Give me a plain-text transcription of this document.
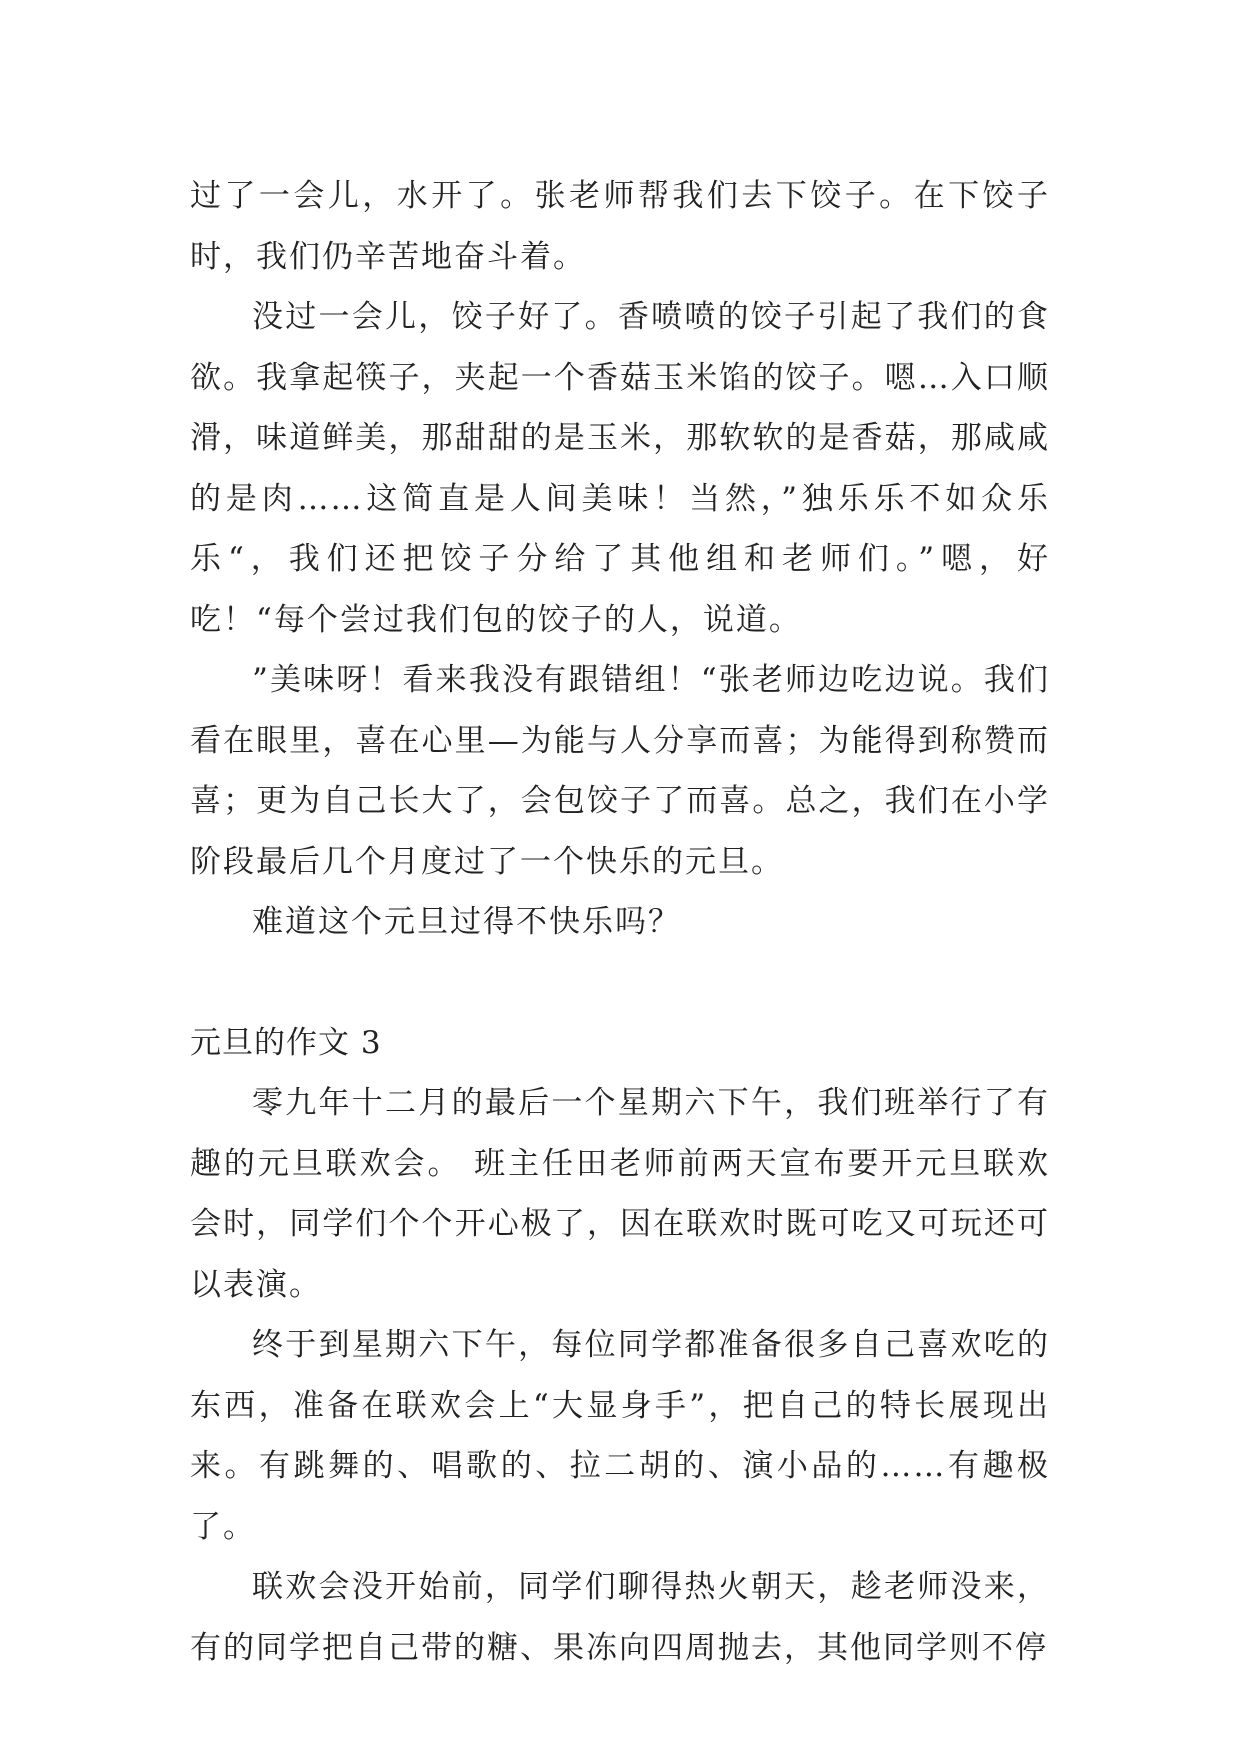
过了一会儿，水开了。张老师帮我们去下饺子。在下饺子时，我们仍辛苦地奋斗着。

没过一会儿，饺子好了。香喷喷的饺子引起了我们的食欲。我拿起筷子，夹起一个香菇玉米馅的饺子。嗯…入口顺滑，味道鲜美，那甜甜的是玉米，那软软的是香菇，那咸咸的是肉……这简直是人间美味！当然，”独乐乐不如众乐乐“，我们还把饺子分给了其他组和老师们。”嗯，好吃！“每个尝过我们包的饺子的人，说道。

”美味呀！看来我没有跟错组！“张老师边吃边说。我们看在眼里，喜在心里—为能与人分享而喜；为能得到称赞而喜；更为自己长大了，会包饺子了而喜。总之，我们在小学阶段最后几个月度过了一个快乐的元旦。

难道这个元旦过得不快乐吗？

元旦的作文 3

零九年十二月的最后一个星期六下午，我们班举行了有趣的元旦联欢会。 班主任田老师前两天宣布要开元旦联欢会时，同学们个个开心极了，因在联欢时既可吃又可玩还可以表演。

终于到星期六下午，每位同学都准备很多自己喜欢吃的东西，准备在联欢会上“大显身手”，把自己的特长展现出来。有跳舞的、唱歌的、拉二胡的、演小品的……有趣极了。

联欢会没开始前，同学们聊得热火朝天，趁老师没来，有的同学把自己带的糖、果冻向四周抛去，其他同学则不停
